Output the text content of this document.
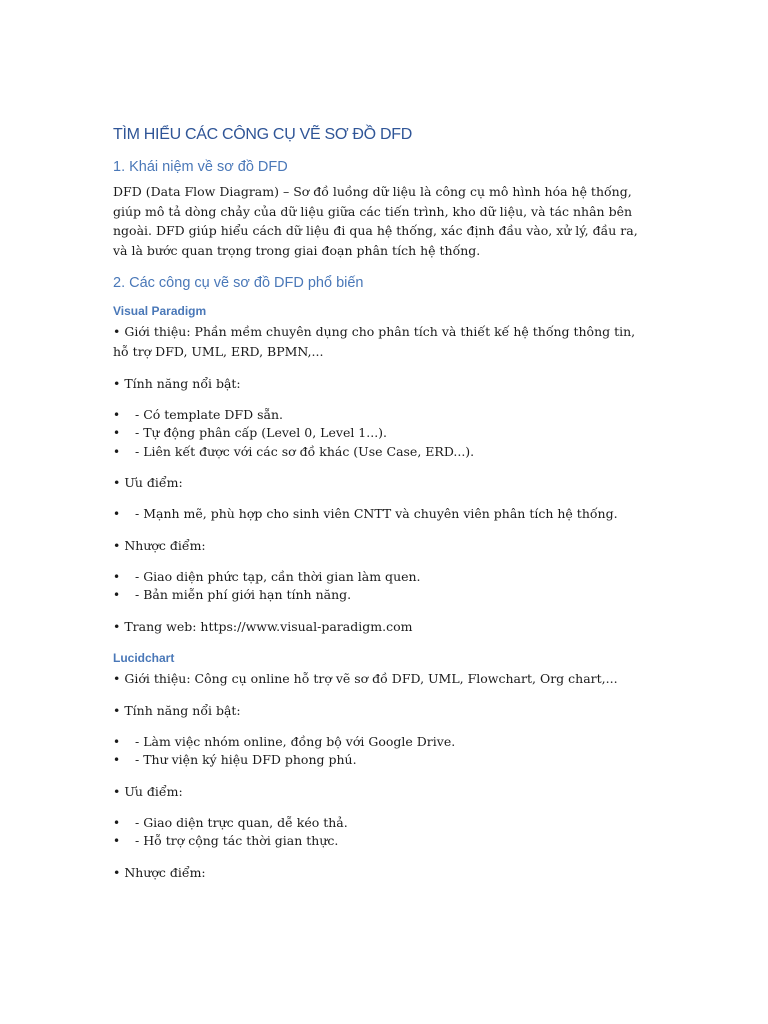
TÌM HIỂU CÁC CÔNG CỤ VẼ SƠ ĐỒ DFD
1. Khái niệm về sơ đồ DFD

DFD (Data Flow Diagram) – Sơ đồ luồng dữ liệu là công cụ mô hình hóa hệ thống, giúp mô tả dòng chảy của dữ liệu giữa các tiến trình, kho dữ liệu, và tác nhân bên ngoài. DFD giúp hiểu cách dữ liệu đi qua hệ thống, xác định đầu vào, xử lý, đầu ra, và là bước quan trọng trong giai đoạn phân tích hệ thống.

2. Các công cụ vẽ sơ đồ DFD phổ biến
Visual Paradigm

• Giới thiệu: Phần mềm chuyên dụng cho phân tích và thiết kế hệ thống thông tin, hỗ trợ DFD, UML, ERD, BPMN,...

• Tính năng nổi bật:

• - Có template DFD sẵn.
• - Tự động phân cấp (Level 0, Level 1...).
• - Liên kết được với các sơ đồ khác (Use Case, ERD...).

• Ưu điểm:

• - Mạnh mẽ, phù hợp cho sinh viên CNTT và chuyên viên phân tích hệ thống.

• Nhược điểm:

• - Giao diện phức tạp, cần thời gian làm quen.
• - Bản miễn phí giới hạn tính năng.

• Trang web: https://www.visual-paradigm.com

Lucidchart

• Giới thiệu: Công cụ online hỗ trợ vẽ sơ đồ DFD, UML, Flowchart, Org chart,...

• Tính năng nổi bật:

• - Làm việc nhóm online, đồng bộ với Google Drive.
• - Thư viện ký hiệu DFD phong phú.

• Ưu điểm:

• - Giao diện trực quan, dễ kéo thả.
• - Hỗ trợ cộng tác thời gian thực.

• Nhược điểm:
